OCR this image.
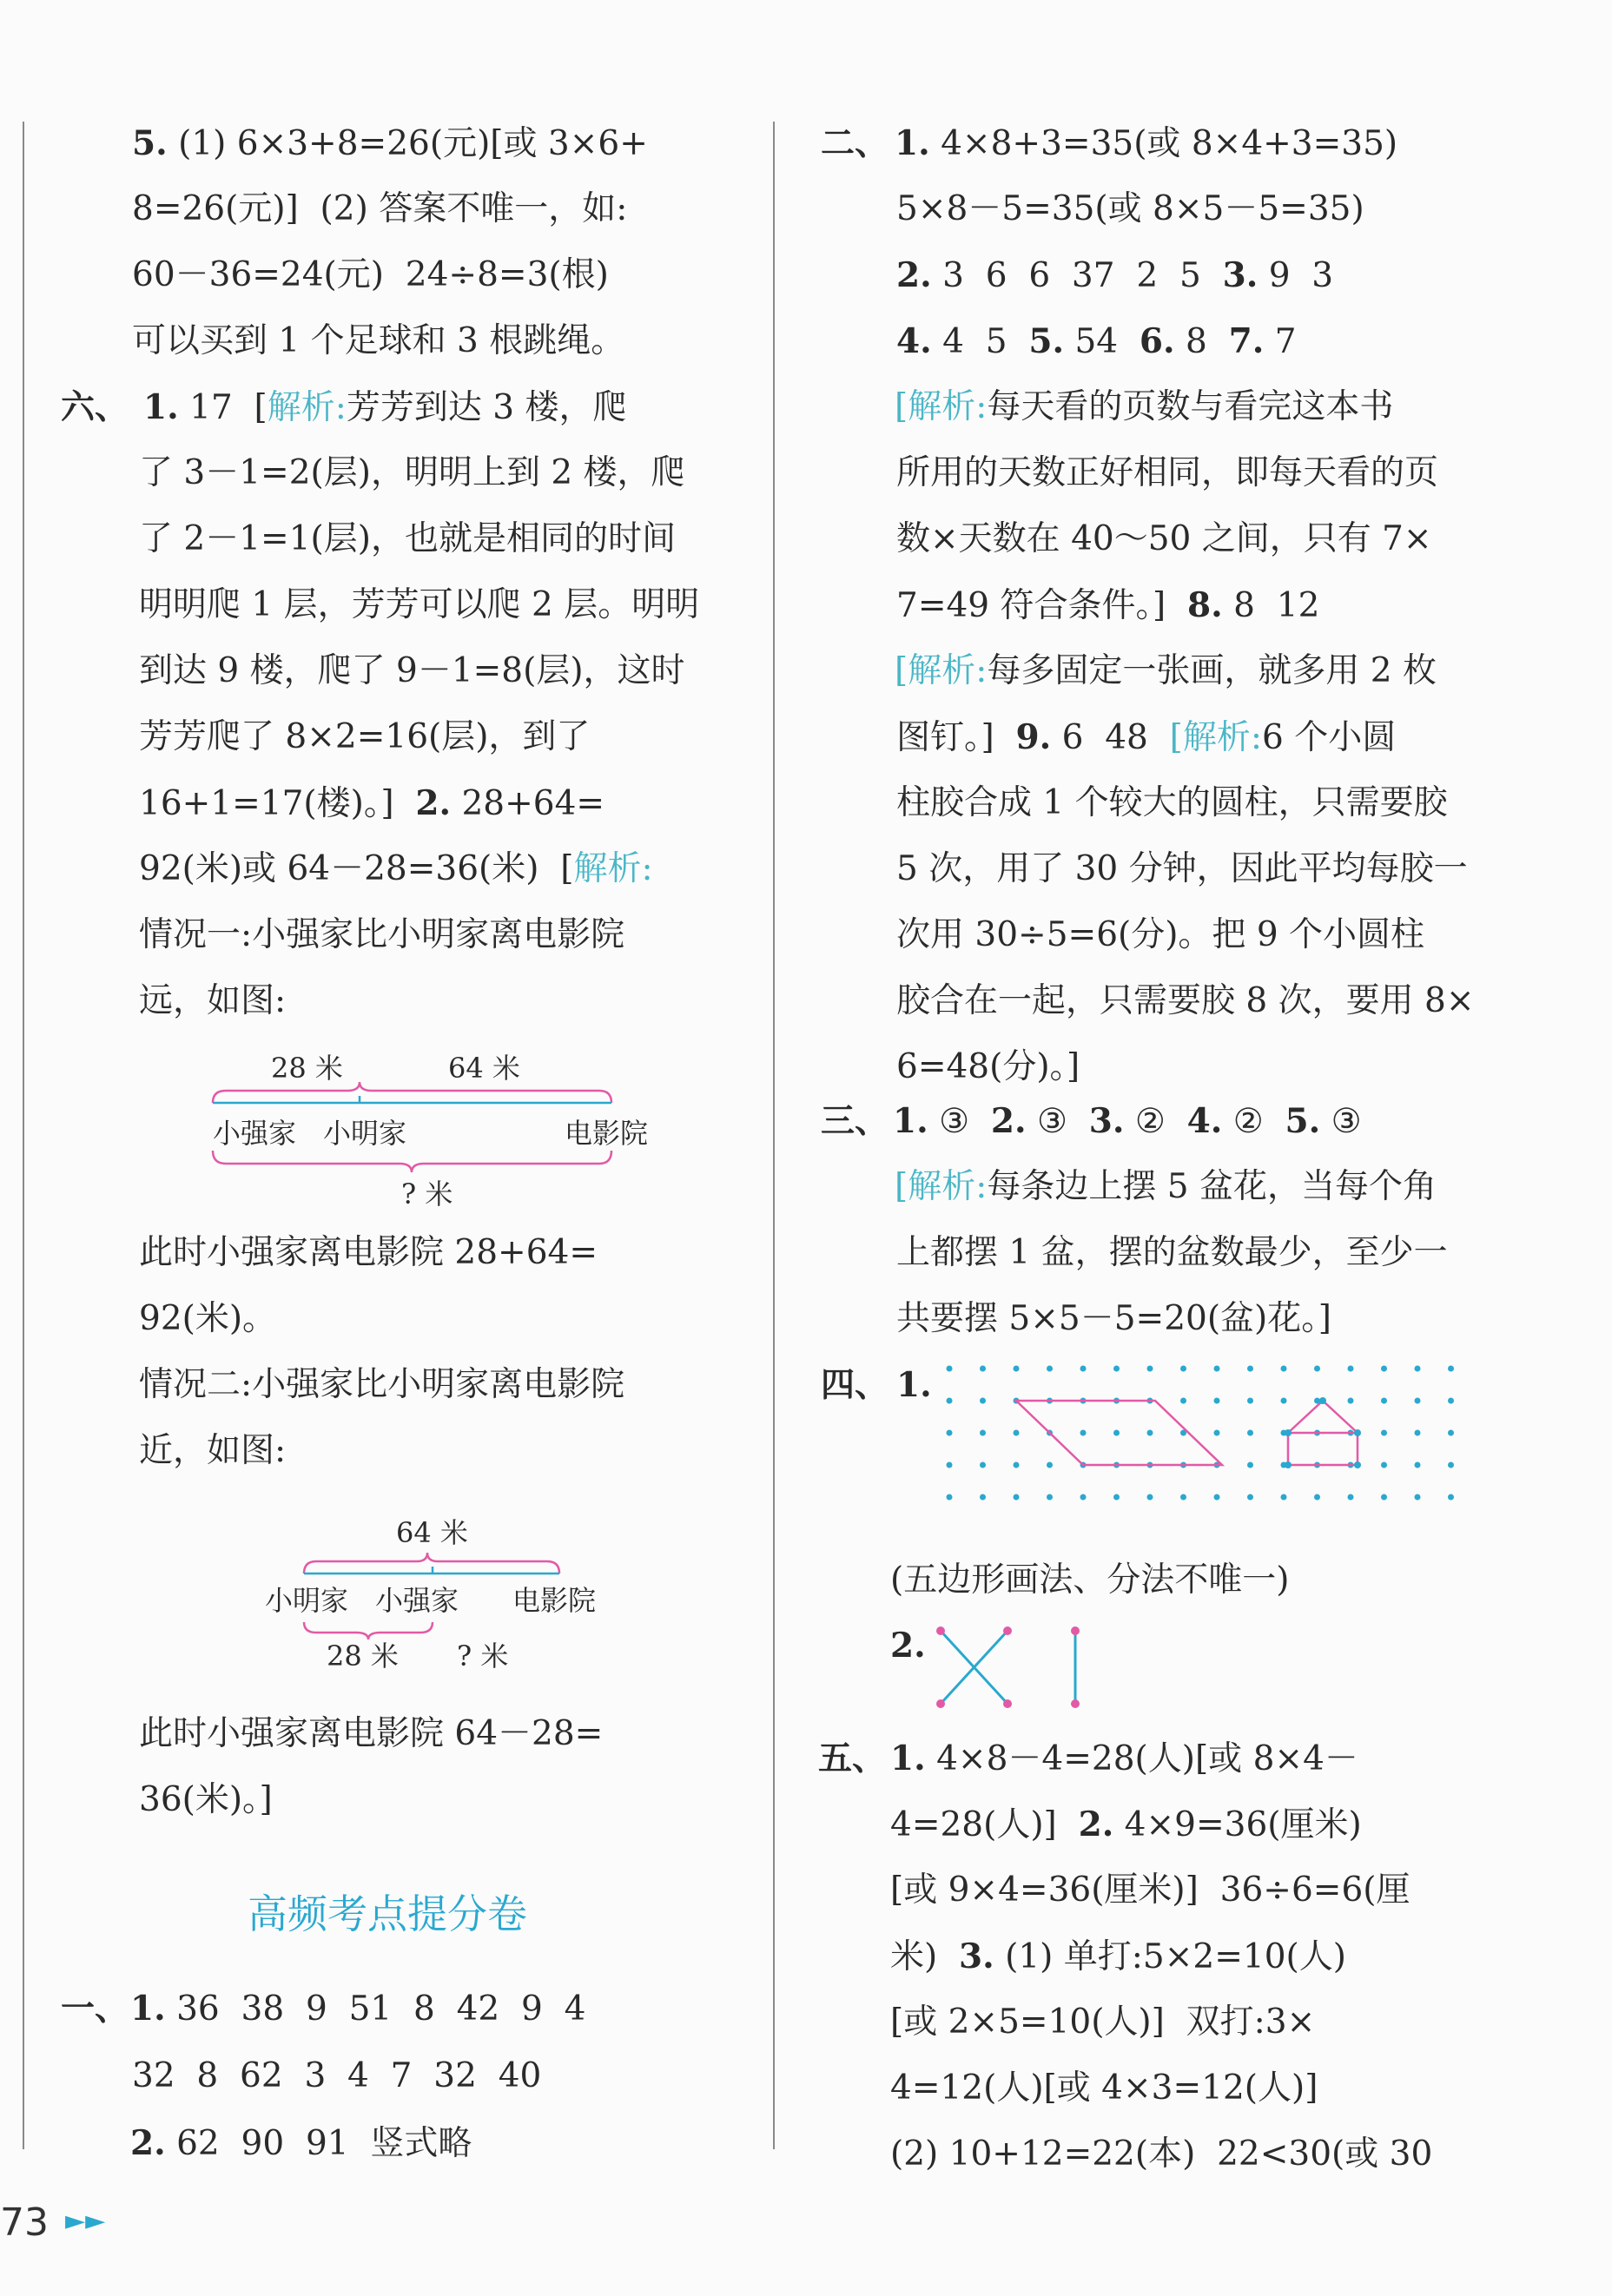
5. (1) 6×3+8=26(元)[或 3×6+
8=26(元)]  (2) 答案不唯一，如:
60－36=24(元)  24÷8=3(根)
可以买到 1 个足球和 3 根跳绳。
六、 1. 17  [解析:芳芳到达 3 楼，爬
了 3－1=2(层)，明明上到 2 楼，爬
了 2－1=1(层)，也就是相同的时间
明明爬 1 层，芳芳可以爬 2 层。明明
到达 9 楼，爬了 9－1=8(层)，这时
芳芳爬了 8×2=16(层)，到了
16+1=17(楼)。]  2. 28+64=
92(米)或 64－28=36(米)  [解析:
情况一:小强家比小明家离电影院
远，如图:
28 米	64 米
小强家 小明家	电影院
? 米
此时小强家离电影院 28+64=
92(米)。
情况二:小强家比小明家离电影院
近，如图:
64 米
小明家 小强家 电影院
28 米 ? 米
此时小强家离电影院 64－28=
36(米)。]
高频考点提分卷
一、 1. 36  38  9  51  8  42  9  4
32  8  62  3  4  7  32  40
2. 62  90  91  竖式略
二、 1. 4×8+3=35(或 8×4+3=35)
5×8－5=35(或 8×5－5=35)
2. 3  6  6  37  2  5  3. 9  3
4. 4  5  5. 54  6. 8  7. 7
[解析:每天看的页数与看完这本书
所用的天数正好相同，即每天看的页
数×天数在 40～50 之间，只有 7×
7=49 符合条件。]  8. 8  12
[解析:每多固定一张画，就多用 2 枚
图钉。]  9. 6  48  [解析:6 个小圆
柱胶合成 1 个较大的圆柱，只需要胶
5 次，用了 30 分钟，因此平均每胶一
次用 30÷5=6(分)。把 9 个小圆柱
胶合在一起，只需要胶 8 次，要用 8×
6=48(分)。]
三、 1. ③  2. ③  3. ②  4. ②  5. ③
[解析:每条边上摆 5 盆花，当每个角
上都摆 1 盆，摆的盆数最少，至少一
共要摆 5×5－5=20(盆)花。]
四、 1.
(五边形画法、分法不唯一)
2.
五、 1. 4×8－4=28(人)[或 8×4－
4=28(人)]  2. 4×9=36(厘米)
[或 9×4=36(厘米)]  36÷6=6(厘
米)  3. (1) 单打:5×2=10(人)
[或 2×5=10(人)]  双打:3×
4=12(人)[或 4×3=12(人)]
(2) 10+12=22(本)  22<30(或 30
73 ►►
